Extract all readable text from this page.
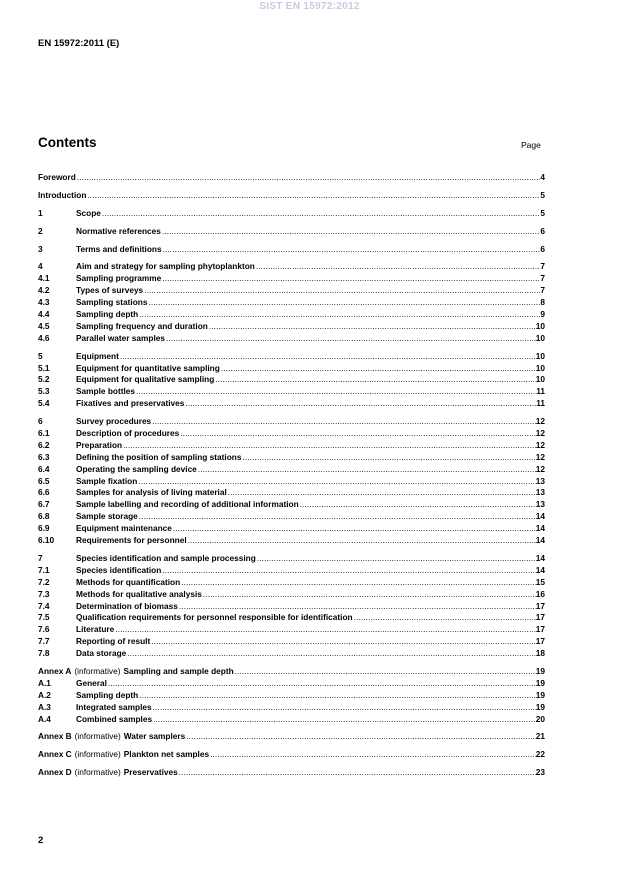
SIST EN 15972:2012
EN 15972:2011 (E)
Contents	Page
Foreword .....	4
Introduction .....	5
1	Scope .....	5
2	Normative references .....	6
3	Terms and definitions .....	6
4	Aim and strategy for sampling phytoplankton .....	7
4.1	Sampling programme .....	7
4.2	Types of surveys .....	7
4.3	Sampling stations .....	8
4.4	Sampling depth .....	9
4.5	Sampling frequency and duration .....	10
4.6	Parallel water samples .....	10
5	Equipment .....	10
5.1	Equipment for quantitative sampling .....	10
5.2	Equipment for qualitative sampling .....	10
5.3	Sample bottles .....	11
5.4	Fixatives and preservatives .....	11
6	Survey procedures .....	12
6.1	Description of procedures .....	12
6.2	Preparation .....	12
6.3	Defining the position of sampling stations .....	12
6.4	Operating the sampling device .....	12
6.5	Sample fixation .....	13
6.6	Samples for analysis of living material .....	13
6.7	Sample labelling and recording of additional information .....	13
6.8	Sample storage .....	14
6.9	Equipment maintenance .....	14
6.10	Requirements for personnel .....	14
7	Species identification and sample processing .....	14
7.1	Species identification .....	14
7.2	Methods for quantification .....	15
7.3	Methods for qualitative analysis .....	16
7.4	Determination of biomass .....	17
7.5	Qualification requirements for personnel responsible for identification .....	17
7.6	Literature .....	17
7.7	Reporting of result .....	17
7.8	Data storage .....	18
Annex A (informative) Sampling and sample depth .....	19
A.1	General .....	19
A.2	Sampling depth .....	19
A.3	Integrated samples .....	19
A.4	Combined samples .....	20
Annex B (informative) Water samplers .....	21
Annex C (informative) Plankton net samples .....	22
Annex D (informative) Preservatives .....	23
2
